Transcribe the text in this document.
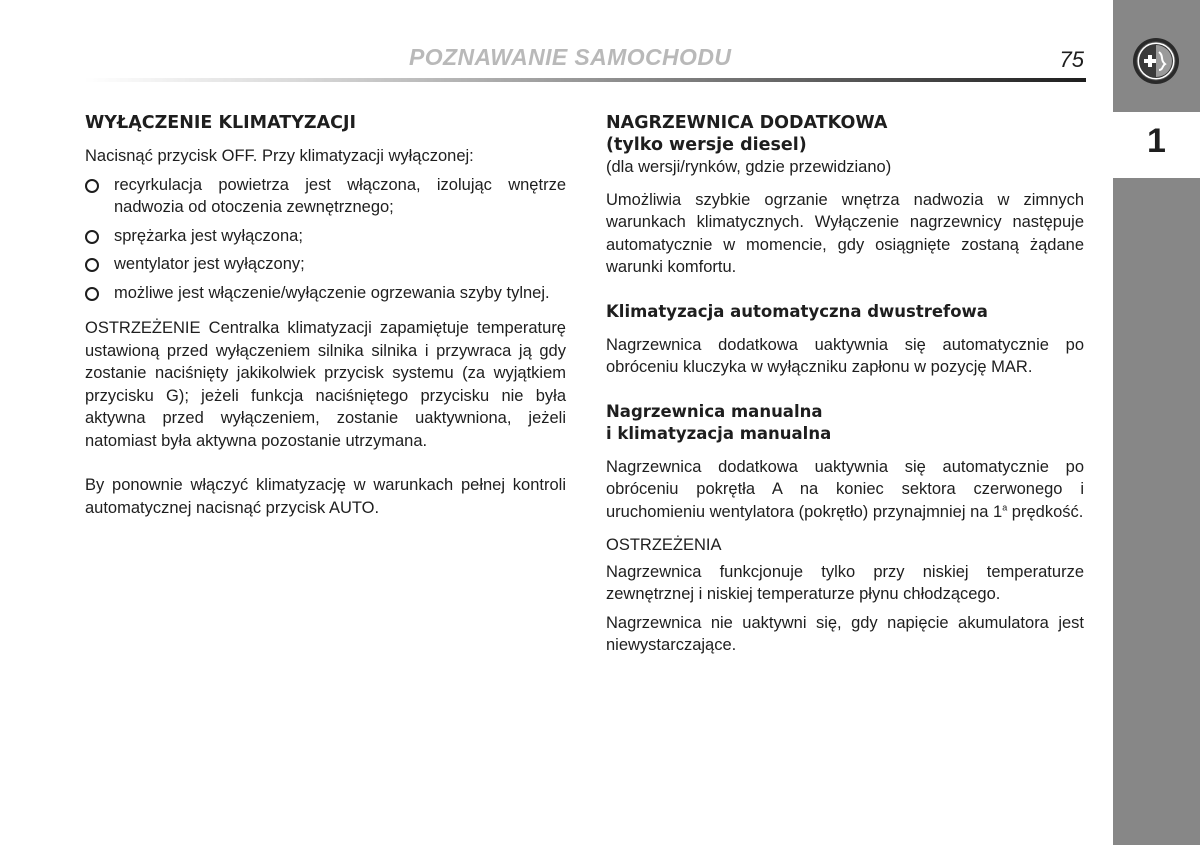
POZNAWANIE SAMOCHODU	75
1
WYŁĄCZENIE KLIMATYZACJI

Nacisnąć przycisk OFF. Przy klimatyzacji wyłączonej:

recyrkulacja powietrza jest włączona, izolując wnętrze nadwozia od otoczenia zewnętrznego;
sprężarka jest wyłączona;
wentylator jest wyłączony;
możliwe jest włączenie/wyłączenie ogrzewania szyby tylnej.

OSTRZEŻENIE Centralka klimatyzacji zapamiętuje temperaturę ustawioną przed wyłączeniem silnika silnika i przywraca ją gdy zostanie naciśnięty jakikolwiek przycisk systemu (za wyjątkiem przycisku G); jeżeli funkcja naciśniętego przycisku nie była aktywna przed wyłączeniem, zostanie uaktywniona, jeżeli natomiast była aktywna pozostanie utrzymana.

By ponownie włączyć klimatyzację w warunkach pełnej kontroli automatycznej nacisnąć przycisk AUTO.

NAGRZEWNICA DODATKOWA
(tylko wersje diesel)

(dla wersji/rynków, gdzie przewidziano)

Umożliwia szybkie ogrzanie wnętrza nadwozia w zimnych warunkach klimatycznych. Wyłączenie nagrzewnicy następuje automatycznie w momencie, gdy osiągnięte zostaną żądane warunki komfortu.

Klimatyzacja automatyczna dwustrefowa

Nagrzewnica dodatkowa uaktywnia się automatycznie po obróceniu kluczyka w wyłączniku zapłonu w pozycję MAR.

Nagrzewnica manualna
i klimatyzacja manualna

Nagrzewnica dodatkowa uaktywnia się automatycznie po obróceniu pokrętła A na koniec sektora czerwonego i uruchomieniu wentylatora (pokrętło) przynajmniej na 1$^a$ prędkość.

OSTRZEŻENIA

Nagrzewnica funkcjonuje tylko przy niskiej temperaturze zewnętrznej i niskiej temperaturze płynu chłodzącego.

Nagrzewnica nie uaktywni się, gdy napięcie akumulatora jest niewystarczające.
